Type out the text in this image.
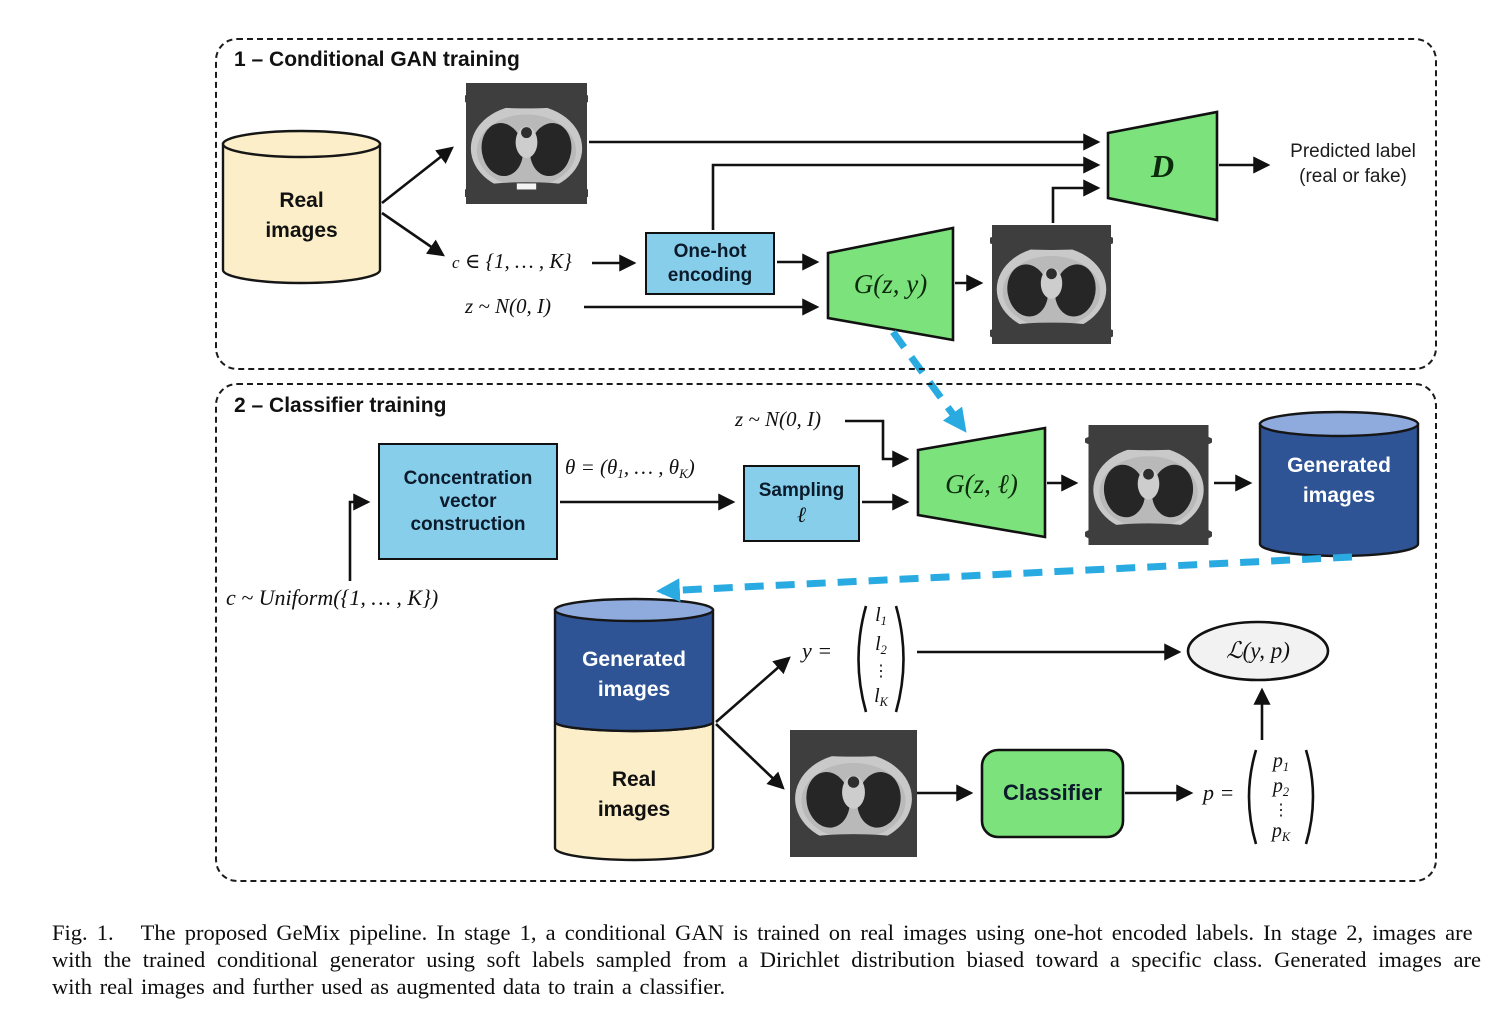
1 – Conditional GAN training
Real
images
c ∈ {1, … , K}
z ~ N(0, I)
One-hot
encoding	G(z, y)
D	Predicted label
(real or fake)
2 – Classifier training
z ~ N(0, I)
Concentration
vector
construction
$\theta = (\theta_1$, … , $\theta_K$)
Sampling
ℓ
G(z, ℓ)
Generated
images
c ~ Uniform({1, … , K})
Generated
images
Real
images
y =
$l_1$
$l_2$
⋮
$l_K$
ℒ(y, p)
Classifier	p =
$p_1$
$p_2$
⋮
$p_K$
Fig. 1.   The proposed GeMix pipeline. In stage 1, a conditional GAN is trained on real images using one-hot encoded labels. In stage 2, images are
with the trained conditional generator using soft labels sampled from a Dirichlet distribution biased toward a specific class. Generated images are
with real images and further used as augmented data to train a classifier.
